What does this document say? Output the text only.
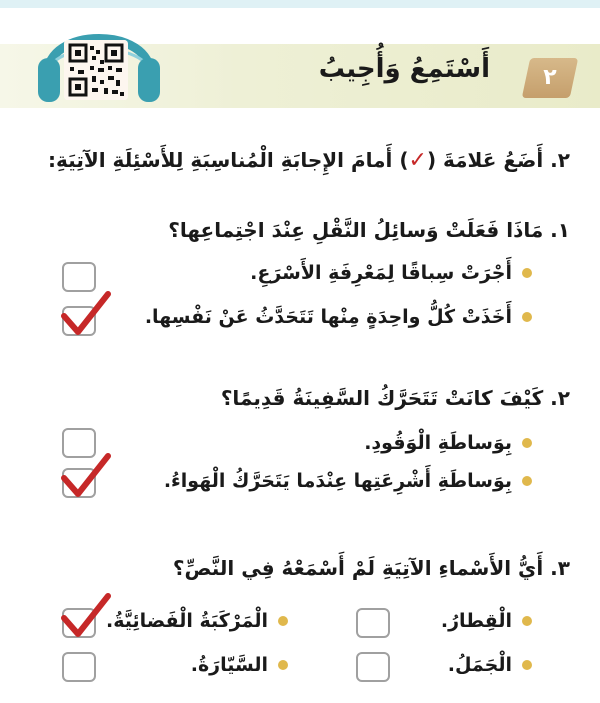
أَسْتَمِعُ وَأُجِيبُ	٢
٢. أَضَعُ عَلامَةَ (✓) أَمامَ الإِجابَةِ الْمُناسِبَةِ لِلأَسْئِلَةِ الآتِيَةِ:
١. مَاذَا فَعَلَتْ وَسائِلُ النَّقْلِ عِنْدَ اجْتِماعِها؟
أَجْرَتْ سِباقًا لِمَعْرِفَةِ الأَسْرَعِ.
أَخَذَتْ كُلُّ واحِدَةٍ مِنْها تَتَحَدَّثُ عَنْ نَفْسِها.
٢. كَيْفَ كانَتْ تَتَحَرَّكُ السَّفِينَةُ قَدِيمًا؟
بِوَساطَةِ الْوَقُودِ.
بِوَساطَةِ أَشْرِعَتِها عِنْدَما يَتَحَرَّكُ الْهَواءُ.
٣. أَيُّ الأَسْماءِ الآتِيَةِ لَمْ أَسْمَعْهُ فِي النَّصِّ؟
الْقِطارُ.
الْمَرْكَبَةُ الْفَضائِيَّةُ.
الْجَمَلُ.
السَّيّارَةُ.
